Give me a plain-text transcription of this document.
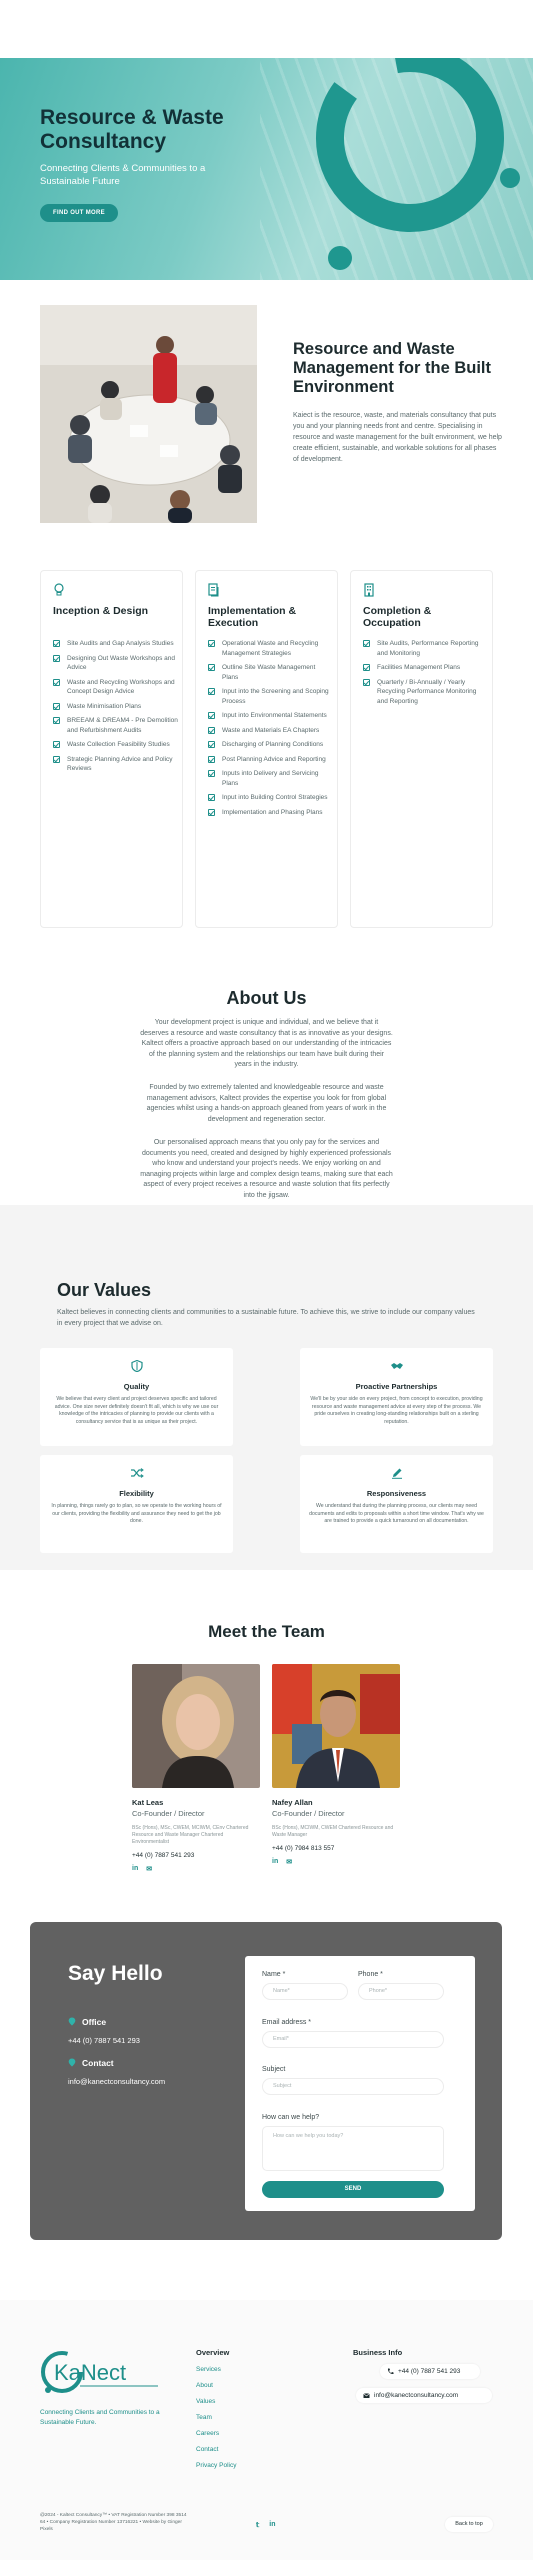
Resource & Waste Consultancy
Connecting Clients & Communities to a Sustainable Future
FIND OUT MORE
Resource and Waste Management for the Built Environment

Kaiect is the resource, waste, and materials consultancy that puts you and your planning needs front and centre. Specialising in resource and waste management for the built environment, we help create efficient, sustainable, and workable solutions for all phases of development.

Inception & Design
Site Audits and Gap Analysis Studies
Designing Out Waste Workshops and Advice
Waste and Recycling Workshops and Concept Design Advice
Waste Minimisation Plans
BREEAM & DREAM4 - Pre Demolition and Refurbishment Audits
Waste Collection Feasibility Studies
Strategic Planning Advice and Policy Reviews
Implementation & Execution
Operational Waste and Recycling Management Strategies
Outline Site Waste Management Plans
Input into the Screening and Scoping Process
Input into Environmental Statements
Waste and Materials EA Chapters
Discharging of Planning Conditions
Post Planning Advice and Reporting
Inputs into Delivery and Servicing Plans
Input into Building Control Strategies
Implementation and Phasing Plans
Completion & Occupation
Site Audits, Performance Reporting and Monitoring
Facilities Management Plans
Quarterly / Bi-Annually / Yearly Recycling Performance Monitoring and Reporting
About Us

Your development project is unique and individual, and we believe that it deserves a resource and waste consultancy that is as innovative as your designs. Kaltect offers a proactive approach based on our understanding of the intricacies of the planning system and the relationships our team have built during their years in the industry.

Founded by two extremely talented and knowledgeable resource and waste management advisors, Kaltect provides the expertise you look for from global agencies whilst using a hands-on approach gleaned from years of work in the development and regeneration sector.

Our personalised approach means that you only pay for the services and documents you need, created and designed by highly experienced professionals who know and understand your project's needs. We enjoy working on and managing projects within large and complex design teams, making sure that each aspect of every project receives a resource and waste solution that fits perfectly into the jigsaw.

Our Values

Kaltect believes in connecting clients and communities to a sustainable future. To achieve this, we strive to include our company values in every project that we advise on.

Quality

We believe that every client and project deserves specific and tailored advice. One size never definitely doesn't fit all, which is why we use our knowledge of the intricacies of planning to provide our clients with a consultancy service that is as unique as their project.

Proactive Partnerships

We'll be by your side on every project, from concept to execution, providing resource and waste management advice at every step of the process. We pride ourselves in creating long-standing relationships built on a sterling reputation.

Flexibility

In planning, things rarely go to plan, so we operate to the working hours of our clients, providing the flexibility and assurance they need to get the job done.

Responsiveness

We understand that during the planning process, our clients may need documents and edits to proposals within a short time window. That's why we are trained to provide a quick turnaround on all documentation.

Meet the Team
Kat Leas
Co-Founder / Director
BSc (Hons), MSc, CWEM, MCIWM, CEnv Chartered Resource and Waste Manager Chartered Environmentalist
+44 (0) 7887 541 293
in ✉
Nafey Allan
Co-Founder / Director
BSc (Hons), MCIWM, CWEM Chartered Resource and Waste Manager
+44 (0) 7984 813 557
in ✉
Say Hello
Office
+44 (0) 7887 541 293
Contact
info@kanectconsultancy.com
Name *
Name*
Phone *
Phone*
Email address *
Email*
Subject
Subject
How can we help?
How can we help you today?
SEND
KaNect
Connecting Clients and Communities to a Sustainable Future.
Overview
Services
About
Values
Team
Careers
Contact
Privacy Policy
Business Info
+44 (0) 7887 541 293
info@kanectconsultancy.com
@2024 - Kaltect Consultancy™ • VAT Registration Number 398 3514 64 • Company Registration Number 13716221 • Website by Ginger Pixels
𝕥 in	Back to top
